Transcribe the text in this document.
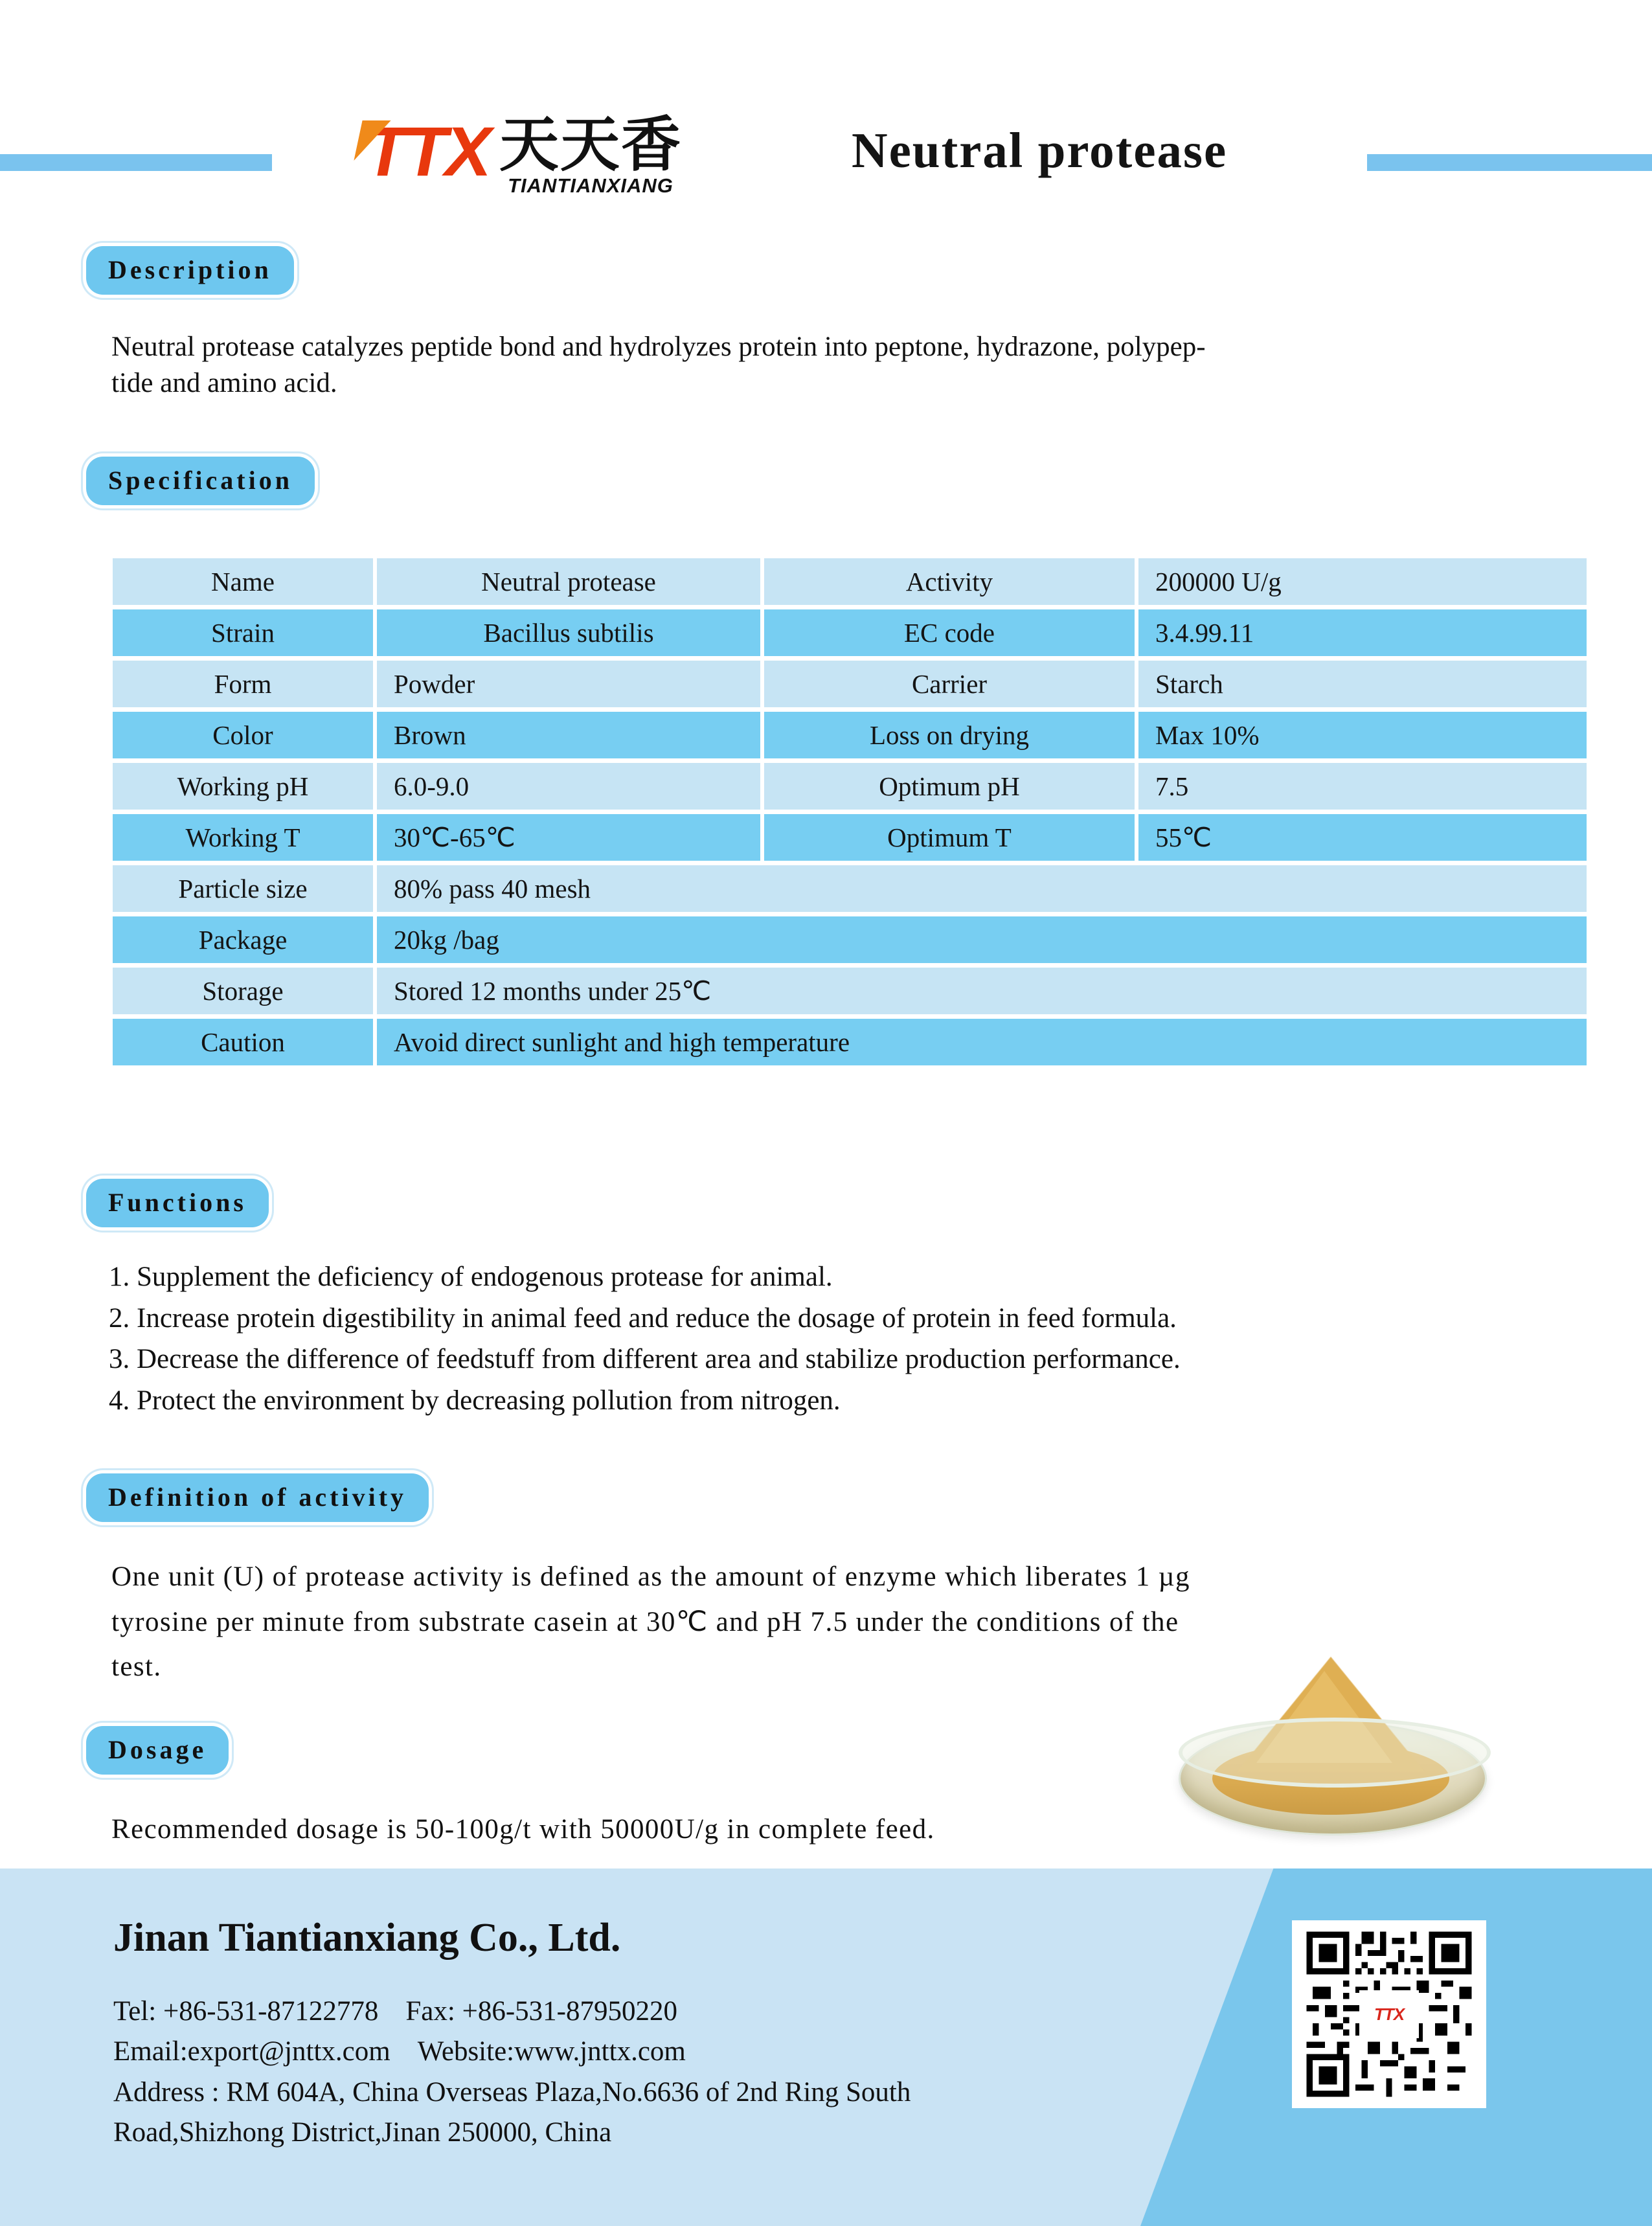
TTX 天天香
TIANTIANXIANG
Neutral protease
Description
Neutral protease catalyzes peptide bond and hydrolyzes protein into peptone, hydrazone, polypep-
tide and amino acid.
Specification
Name	Neutral protease	Activity	200000 U/g
Strain	Bacillus subtilis	EC code	3.4.99.11
Form	Powder	Carrier	Starch
Color	Brown	Loss on drying	Max 10%
Working pH	6.0-9.0	Optimum pH	7.5
Working T	30℃-65℃	Optimum T	55℃
Particle size	80% pass 40 mesh		
Package	20kg /bag		
Storage	Stored 12 months under 25℃		
Caution	Avoid direct sunlight and high temperature		
Functions
1. Supplement the deficiency of endogenous protease for animal.
2. Increase protein digestibility in animal feed and reduce the dosage of protein in feed formula.
3. Decrease the difference of feedstuff from different area and stabilize production performance.
4. Protect the environment by decreasing pollution from nitrogen.
Definition of activity
One unit (U) of protease activity is defined as the amount of enzyme which liberates 1 µg
tyrosine per minute from substrate casein at 30℃ and pH 7.5 under the conditions of the
test.
Dosage
Recommended dosage is 50-100g/t with 50000U/g in complete feed.
Jinan Tiantianxiang Co., Ltd.
Tel: +86-531-87122778 Fax: +86-531-87950220
Email:export@jnttx.com Website:www.jnttx.com
Address : RM 604A, China Overseas Plaza,No.6636 of 2nd Ring South
Road,Shizhong District,Jinan 250000, China
TTX
